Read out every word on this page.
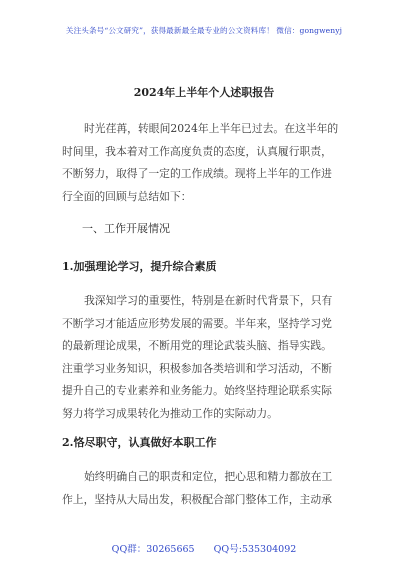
关注头条号“公文研究”，获得最新最全最专业的公文资料库！ 微信：gongwenyj
2024年上半年个人述职报告
时光荏苒，转眼间2024年上半年已过去。在这半年的
时间里，我本着对工作高度负责的态度，认真履行职责，
不断努力，取得了一定的工作成绩。现将上半年的工作进
行全面的回顾与总结如下：
一、工作开展情况
1.加强理论学习，提升综合素质
我深知学习的重要性，特别是在新时代背景下，只有
不断学习才能适应形势发展的需要。半年来，坚持学习党
的最新理论成果，不断用党的理论武装头脑、指导实践。
注重学习业务知识，积极参加各类培训和学习活动，不断
提升自己的专业素养和业务能力。始终坚持理论联系实际
努力将学习成果转化为推动工作的实际动力。
2.恪尽职守，认真做好本职工作
始终明确自己的职责和定位，把心思和精力都放在工
作上，坚持从大局出发，积极配合部门整体工作，主动承
QQ群：30265665 QQ号:535304092
